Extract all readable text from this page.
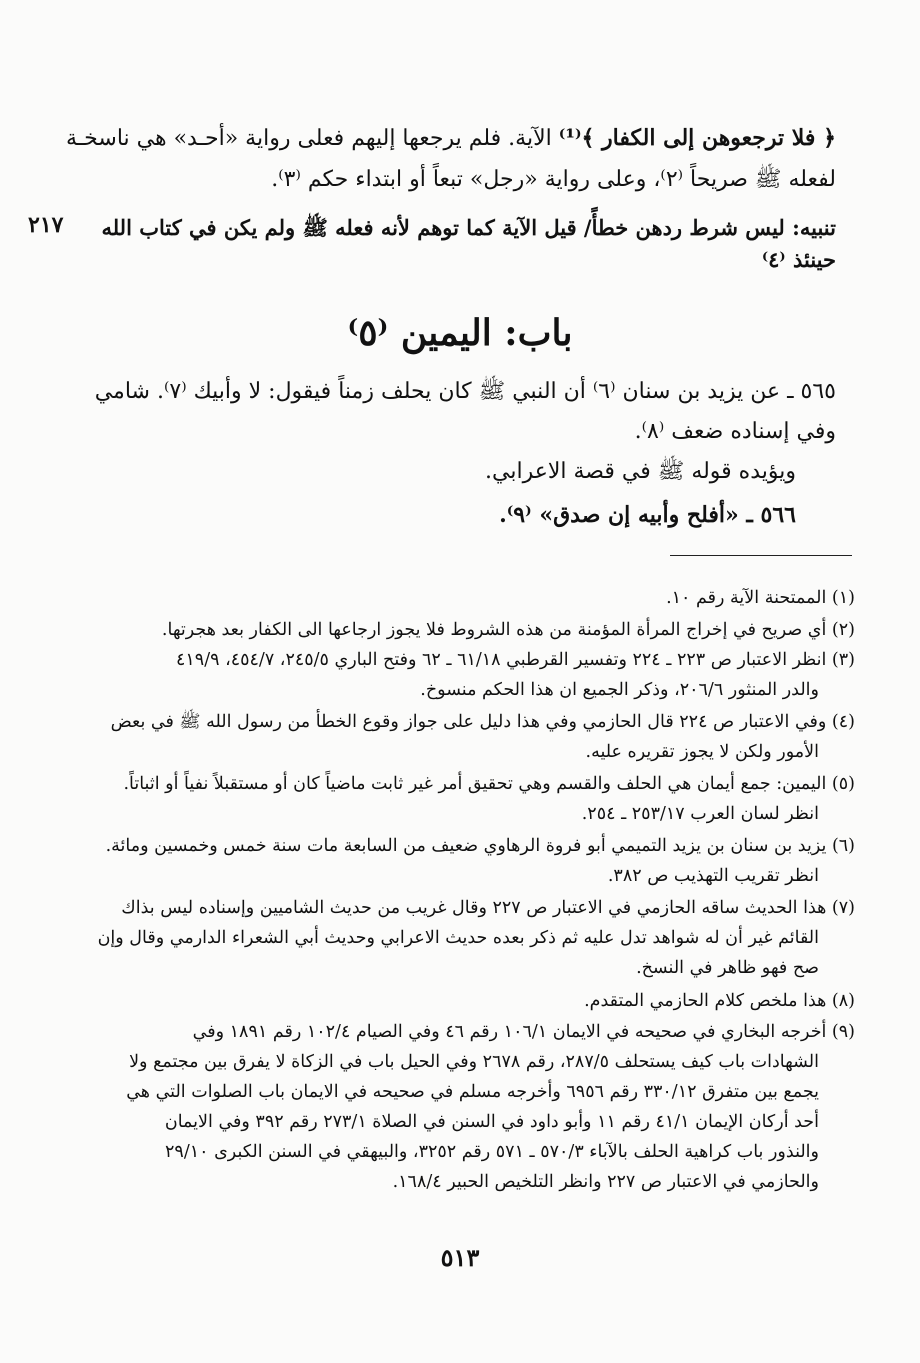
﴿ فلا ترجعوهن إلى الكفار ﴾⁽¹⁾ الآية. فلم يرجعها إليهم فعلى رواية «أحـد» هي ناسخـة
لفعله ﷺ صريحاً ⁽٢⁾، وعلى رواية «رجل» تبعاً أو ابتداء حكم ⁽٣⁾.
تنبيه: ليس شرط ردهن خطأً/ قيل الآية كما توهم لأنه فعله ﷺ ولم يكن في كتاب الله
حينئذ ⁽٤⁾
٢١٧
باب: اليمين ⁽٥⁾
٥٦٥ ـ عن يزيد بن سنان ⁽٦⁾ أن النبي ﷺ كان يحلف زمناً فيقول: لا وأبيك ⁽٧⁾. شامي
وفي إسناده ضعف ⁽٨⁾.
ويؤيده قوله ﷺ في قصة الاعرابي.
٥٦٦ ـ «أفلح وأبيه إن صدق» ⁽٩⁾.
(١) الممتحنة الآية رقم ١٠.
(٢) أي صريح في إخراج المرأة المؤمنة من هذه الشروط فلا يجوز ارجاعها الى الكفار بعد هجرتها.
(٣) انظر الاعتبار ص ٢٢٣ ـ ٢٢٤ وتفسير القرطبي ٦١/١٨ ـ ٦٢ وفتح الباري ٢٤٥/٥، ٤٥٤/٧، ٤١٩/٩
والدر المنثور ٢٠٦/٦، وذكر الجميع ان هذا الحكم منسوخ.
(٤) وفي الاعتبار ص ٢٢٤ قال الحازمي وفي هذا دليل على جواز وقوع الخطأ من رسول الله ﷺ في بعض
الأمور ولكن لا يجوز تقريره عليه.
(٥) اليمين: جمع أيمان هي الحلف والقسم وهي تحقيق أمر غير ثابت ماضياً كان أو مستقبلاً نفياً أو اثباتاً.
انظر لسان العرب ٢٥٣/١٧ ـ ٢٥٤.
(٦) يزيد بن سنان بن يزيد التميمي أبو فروة الرهاوي ضعيف من السابعة مات سنة خمس وخمسين ومائة.
انظر تقريب التهذيب ص ٣٨٢.
(٧) هذا الحديث ساقه الحازمي في الاعتبار ص ٢٢٧ وقال غريب من حديث الشاميين وإسناده ليس بذاك
القائم غير أن له شواهد تدل عليه ثم ذكر بعده حديث الاعرابي وحديث أبي الشعراء الدارمي وقال وإن
صح فهو ظاهر في النسخ.
(٨) هذا ملخص كلام الحازمي المتقدم.
(٩) أخرجه البخاري في صحيحه في الايمان ١٠٦/١ رقم ٤٦ وفي الصيام ١٠٢/٤ رقم ١٨٩١ وفي
الشهادات باب كيف يستحلف ٢٨٧/٥، رقم ٢٦٧٨ وفي الحيل باب في الزكاة لا يفرق بين مجتمع ولا
يجمع بين متفرق ٣٣٠/١٢ رقم ٦٩٥٦ وأخرجه مسلم في صحيحه في الايمان باب الصلوات التي هي
أحد أركان الإيمان ٤١/١ رقم ١١ وأبو داود في السنن في الصلاة ٢٧٣/١ رقم ٣٩٢ وفي الايمان
والنذور باب كراهية الحلف بالآباء ٥٧٠/٣ ـ ٥٧١ رقم ٣٢٥٢، والبيهقي في السنن الكبرى ٢٩/١٠
والحازمي في الاعتبار ص ٢٢٧ وانظر التلخيص الحبير ١٦٨/٤.
٥١٣
